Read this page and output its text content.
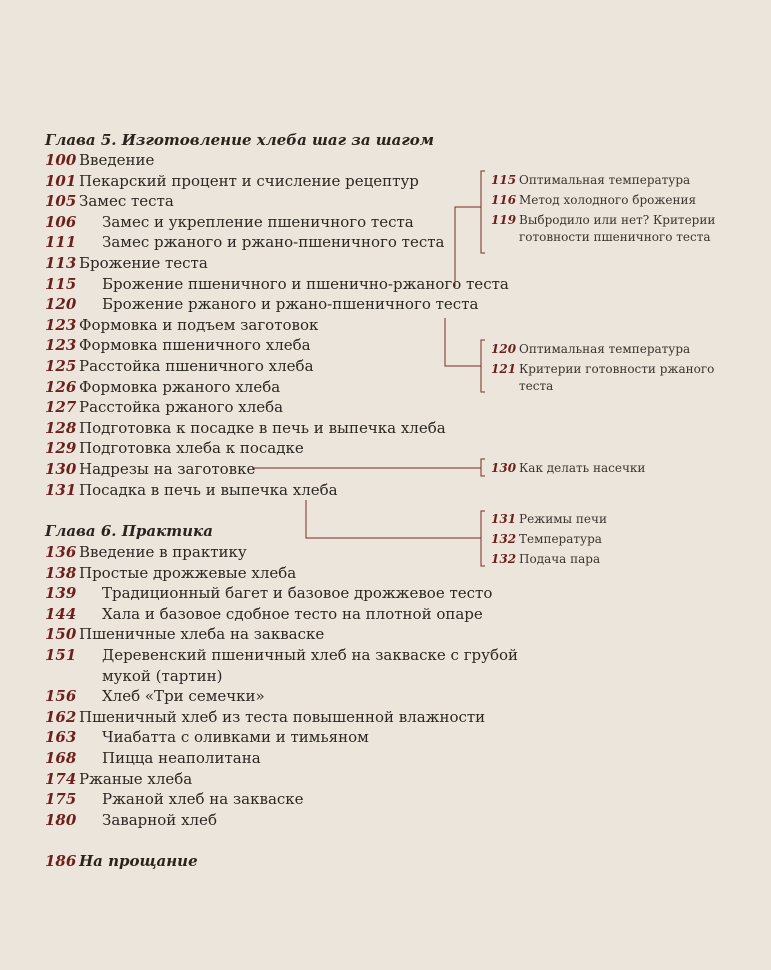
Глава 5. Изготовление хлеба шаг за шагом
100 Введение
101 Пекарский процент и счисление рецептур
105 Замес теста
106 Замес и укрепление пшеничного теста
111 Замес ржаного и ржано-пшеничного теста
113 Брожение теста
115 Брожение пшеничного и пшенично-ржаного теста
120 Брожение ржаного и ржано-пшеничного теста
123 Формовка и подъем заготовок
123 Формовка пшеничного хлеба
125 Расстойка пшеничного хлеба
126 Формовка ржаного хлеба
127 Расстойка ржаного хлеба
128 Подготовка к посадке в печь и выпечка хлеба
129 Подготовка хлеба к посадке
130 Надрезы на заготовке
131 Посадка в печь и выпечка хлеба
Глава 6. Практика
136 Введение в практику
138 Простые дрожжевые хлеба
139 Традиционный багет и базовое дрожжевое тесто
144 Хала и базовое сдобное тесто на плотной опаре
150 Пшеничные хлеба на закваске
151 Деревенский пшеничный хлеб на закваске с грубой
мукой (тартин)
156 Хлеб «Три семечки»
162 Пшеничный хлеб из теста повышенной влажности
163 Чиабатта с оливками и тимьяном
168 Пицца неаполитана
174 Ржаные хлеба
175 Ржаной хлеб на закваске
180 Заварной хлеб
186 На прощание
115 Оптимальная температура
116 Метод холодного брожения
119 Выбродило или нет? Критерии
готовности пшеничного теста
120 Оптимальная температура
121 Критерии готовности ржаного
теста
130 Как делать насечки
131 Режимы печи
132 Температура
132 Подача пара
